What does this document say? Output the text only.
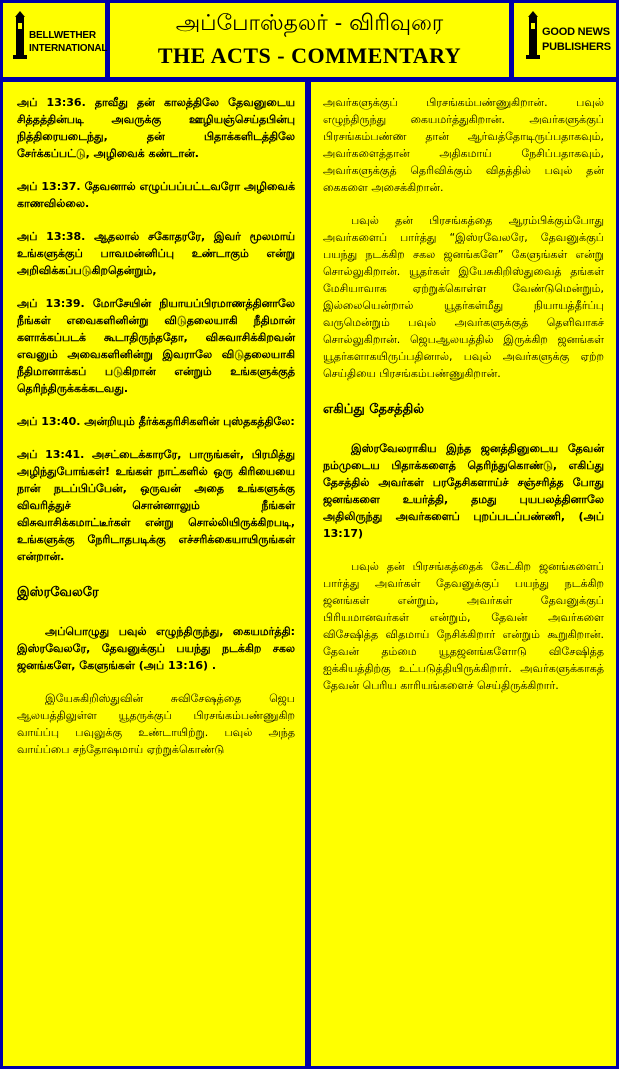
BELLWETHER
INTERNATIONAL
அப்போஸ்தலர் - விரிவுரை
THE ACTS - COMMENTARY
GOOD NEWS
PUBLISHERS

அப் 13:36. தாவீது தன் காலத்திலே தேவனுடைய சித்தத்தின்படி அவருக்கு ஊழியஞ்செய்தபின்பு நித்திரையடைந்து, தன் பிதாக்களிடத்திலே சேர்க்கப்பட்டு, அழிவைக் கண்டான்.

அப் 13:37. தேவனால் எழுப்பப்பட்டவரோ அழிவைக் காணவில்லை.

அப் 13:38. ஆதலால் சகோதரரே, இவர் மூலமாய் உங்களுக்குப் பாவமன்னிப்பு உண்டாகும் என்று அறிவிக்கப்படுகிறதென்றும்,

அப் 13:39. மோசேயின் நியாயப்பிரமாணத்தினாலே நீங்கள் எவைகளினின்று விடுதலையாகி நீதிமான் களாக்கப்படக் கூடாதிருந்ததோ, விசுவாசிக்கிறவன் எவனும் அவைகளினின்று இவராலே விடுதலையாகி நீதிமானாக்கப் படுகிறான் என்றும் உங்களுக்குத் தெரிந்திருக்கக்கடவது.

அப் 13:40. அன்றியும் தீர்க்கதரிசிகளின் புஸ்தகத்திலே:

அப் 13:41. அசட்டைக்காரரே, பாருங்கள், பிரமித்து அழிந்துபோங்கள்! உங்கள் நாட்களில் ஒரு கிரியையை நான் நடப்பிப்பேன், ஒருவன் அதை உங்களுக்கு விவரித்துச் சொன்னாலும் நீங்கள் விசுவாசிக்கமாட்டீர்கள் என்று சொல்லியிருக்கிறபடி, உங்களுக்கு நேரிடாதபடிக்கு எச்சரிக்கையாயிருங்கள் என்றான்.

இஸ்ரவேலரே

அப்பொழுது பவுல் எழுந்திருந்து, கையமர்த்தி: இஸ்ரவேலரே, தேவனுக்குப் பயந்து நடக்கிற சகல ஜனங்களே, கேளுங்கள் (அப் 13:16) .

இயேசுகிறிஸ்துவின் சுவிசேஷத்தை ஜெப ஆலயத்திலுள்ள யூதருக்குப் பிரசங்கம்பண்ணுகிற வாய்ப்பு பவுலுக்கு உண்டாயிற்று. பவுல் அந்த வாய்ப்பை சந்தோஷமாய் ஏற்றுக்கொண்டு

அவர்களுக்குப் பிரசங்கம்பண்ணுகிறான். பவுல் எழுந்திருந்து கையமர்த்துகிறான். அவர்களுக்குப் பிரசங்கம்பண்ண தான் ஆர்வத்தோடிருப்பதாகவும், அவர்களைத்தான் அதிகமாய் நேசிப்பதாகவும், அவர்களுக்குத் தெரிவிக்கும் விதத்தில் பவுல் தன் கைகளை அசைக்கிறான்.

பவுல் தன் பிரசங்கத்தை ஆரம்பிக்கும்போது அவர்களைப் பார்த்து “இஸ்ரவேலரே, தேவனுக்குப் பயந்து நடக்கிற சகல ஜனங்களே” கேளுங்கள் என்று சொல்லுகிறான். யூதர்கள் இயேசுகிறிஸ்துவைத் தங்கள் மேசியாவாக ஏற்றுக்கொள்ள வேண்டுமென்றும், இல்லையென்றால் யூதர்கள்மீது நியாயத்தீர்ப்பு வருமென்றும் பவுல் அவர்களுக்குத் தெளிவாகச் சொல்லுகிறான். ஜெபஆலயத்தில் இருக்கிற ஜனங்கள் யூதர்களாகயிருப்பதினால், பவுல் அவர்களுக்கு ஏற்ற செய்தியை பிரசங்கம்பண்ணுகிறான்.

எகிப்து தேசத்தில்

இஸ்ரவேலராகிய இந்த ஜனத்தினுடைய தேவன் நம்முடைய பிதாக்களைத் தெரிந்துகொண்டு, எகிப்து தேசத்தில் அவர்கள் பரதேசிகளாய்ச் சஞ்சரித்த போது ஜனங்களை உயர்த்தி, தமது புயபலத்தினாலே அதிலிருந்து அவர்களைப் புறப்படப்பண்ணி, (அப் 13:17)

பவுல் தன் பிரசங்கத்தைக் கேட்கிற ஜனங்களைப் பார்த்து அவர்கள் தேவனுக்குப் பயந்து நடக்கிற ஜனங்கள் என்றும், அவர்கள் தேவனுக்குப் பிரியமானவர்கள் என்றும், தேவன் அவர்களை விசேஷித்த விதமாய் நேசிக்கிறார் என்றும் கூறுகிறான். தேவன் தம்மை யூதஜனங்களோடு விசேஷித்த ஐக்கியத்திற்கு உட்படுத்தியிருக்கிறார். அவர்களுக்காகத் தேவன் பெரிய காரியங்களைச் செய்திருக்கிறார்.
